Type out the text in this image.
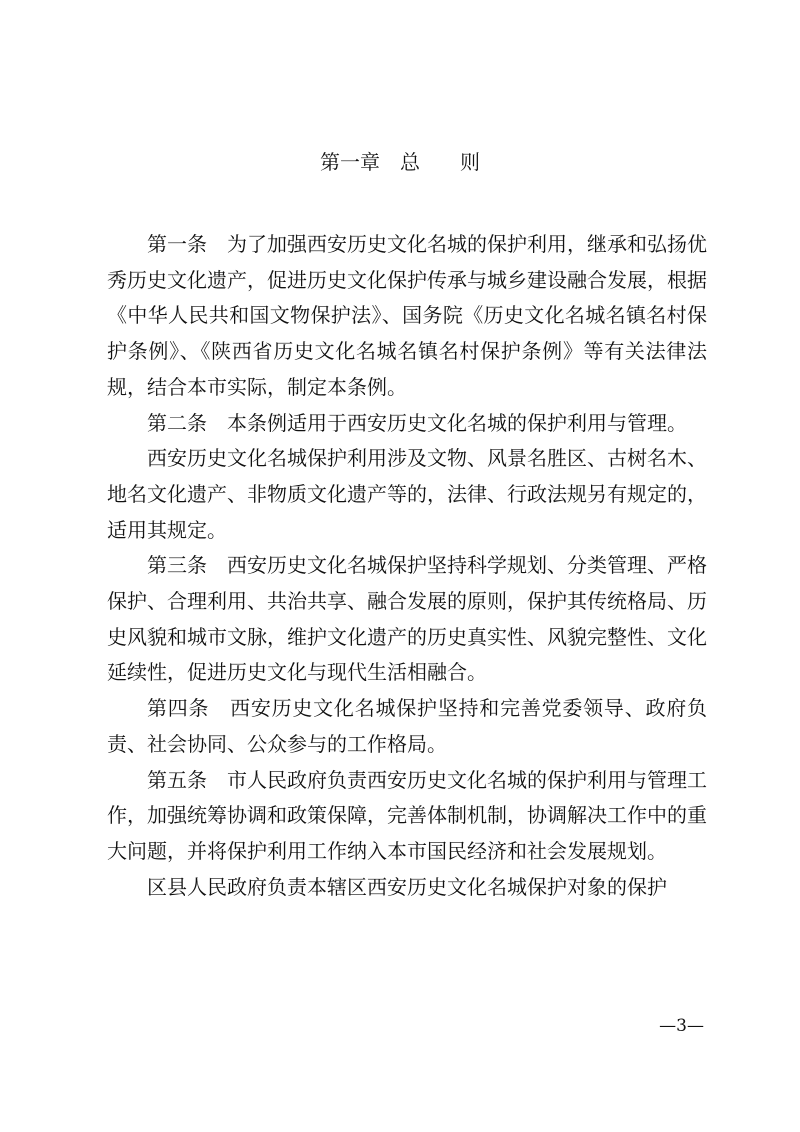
第一章　总　　则

第一条　为了加强西安历史文化名城的保护利用，继承和弘扬优秀历史文化遗产，促进历史文化保护传承与城乡建设融合发展，根据《中华人民共和国文物保护法》、国务院《历史文化名城名镇名村保护条例》、《陕西省历史文化名城名镇名村保护条例》等有关法律法规，结合本市实际，制定本条例。

第二条　本条例适用于西安历史文化名城的保护利用与管理。

西安历史文化名城保护利用涉及文物、风景名胜区、古树名木、地名文化遗产、非物质文化遗产等的，法律、行政法规另有规定的，适用其规定。

第三条　西安历史文化名城保护坚持科学规划、分类管理、严格保护、合理利用、共治共享、融合发展的原则，保护其传统格局、历史风貌和城市文脉，维护文化遗产的历史真实性、风貌完整性、文化延续性，促进历史文化与现代生活相融合。

第四条　西安历史文化名城保护坚持和完善党委领导、政府负责、社会协同、公众参与的工作格局。

第五条　市人民政府负责西安历史文化名城的保护利用与管理工作，加强统筹协调和政策保障，完善体制机制，协调解决工作中的重大问题，并将保护利用工作纳入本市国民经济和社会发展规划。

区县人民政府负责本辖区西安历史文化名城保护对象的保护

—3—
